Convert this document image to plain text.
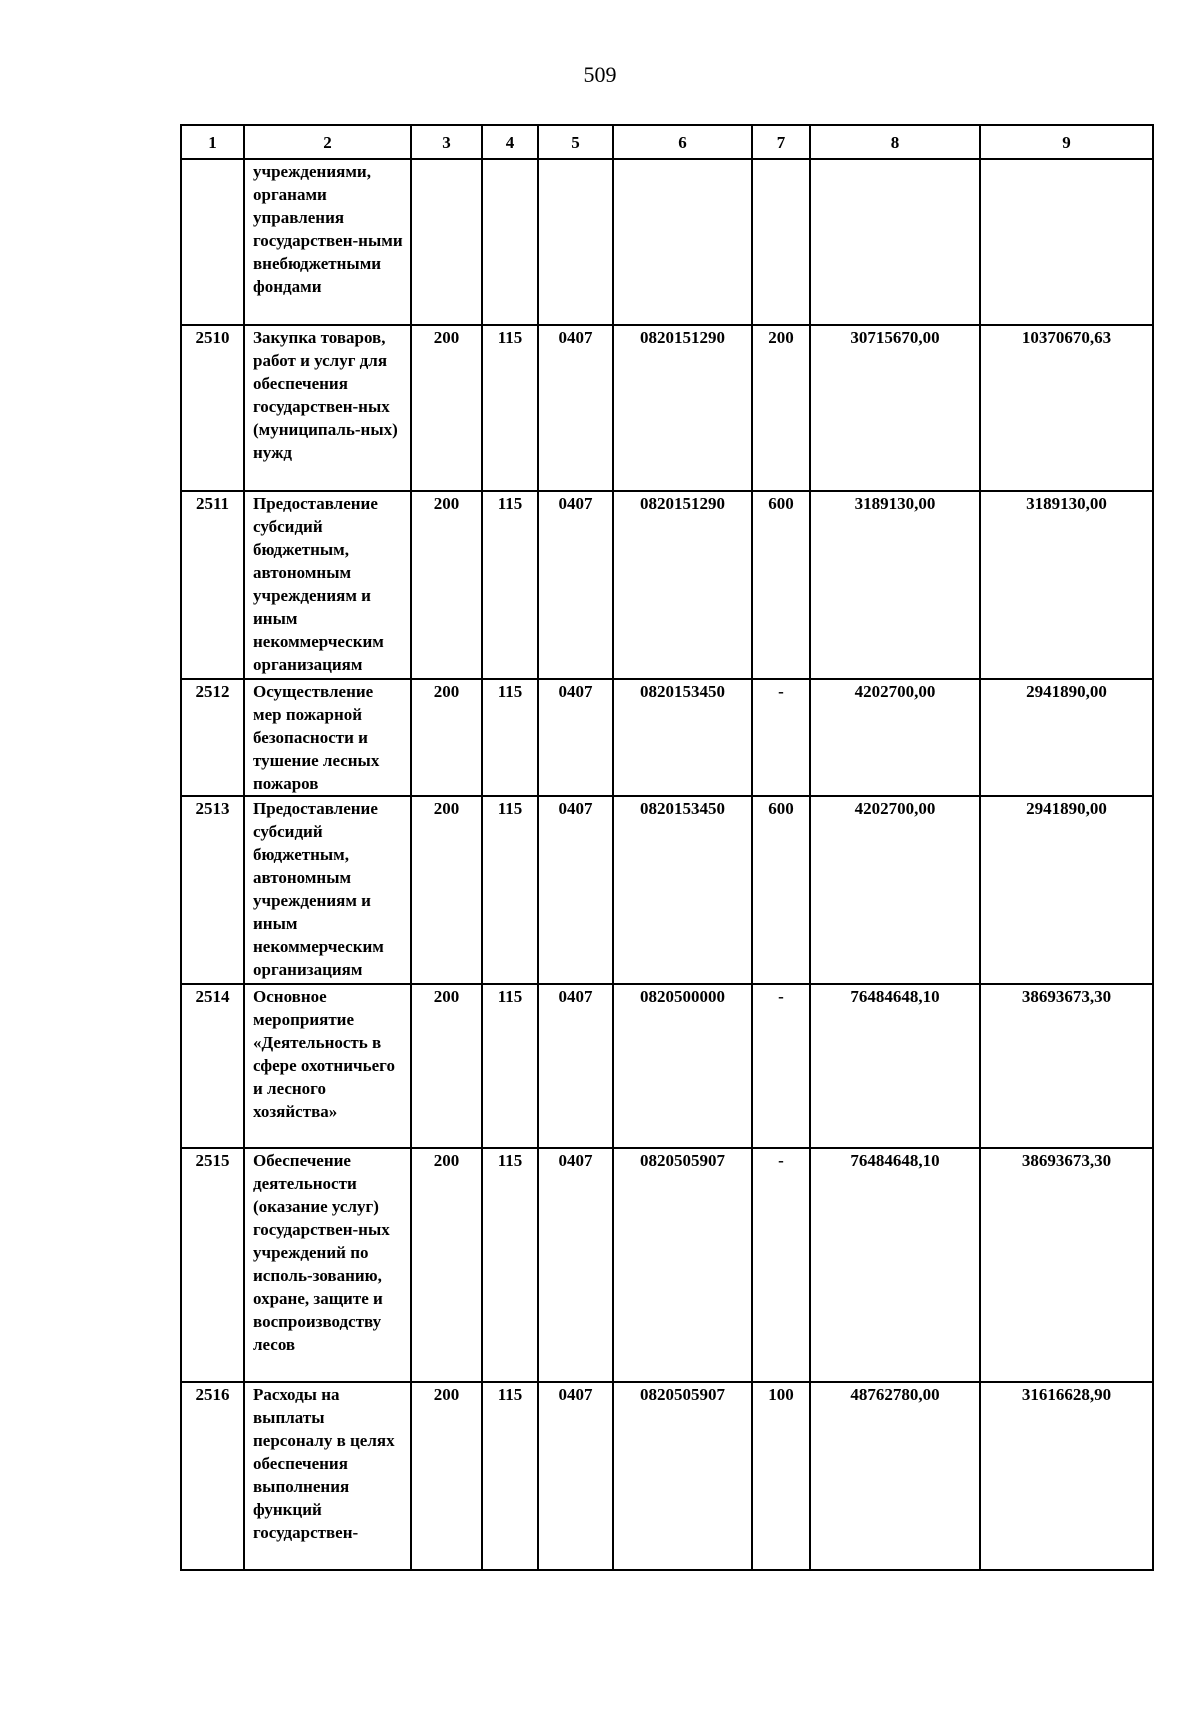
509
1	2	3	4	5	6	7	8	9
	учреждениями, органами управления государствен-ными внебюджетными фондами							
2510	Закупка товаров, работ и услуг для обеспечения государствен-ных (муниципаль-ных) нужд	200	115	0407	0820151290	200	30715670,00	10370670,63
2511	Предоставление субсидий бюджетным, автономным учреждениям и иным некоммерческим организациям	200	115	0407	0820151290	600	3189130,00	3189130,00
2512	Осуществление мер пожарной безопасности и тушение лесных пожаров	200	115	0407	0820153450	-	4202700,00	2941890,00
2513	Предоставление субсидий бюджетным, автономным учреждениям и иным некоммерческим организациям	200	115	0407	0820153450	600	4202700,00	2941890,00
2514	Основное мероприятие «Деятельность в сфере охотничьего и лесного хозяйства»	200	115	0407	0820500000	-	76484648,10	38693673,30
2515	Обеспечение деятельности (оказание услуг) государствен-ных учреждений по исполь-зованию, охране, защите и воспроизводству лесов	200	115	0407	0820505907	-	76484648,10	38693673,30
2516	Расходы на выплаты персоналу в целях обеспечения выполнения функций государствен-	200	115	0407	0820505907	100	48762780,00	31616628,90
